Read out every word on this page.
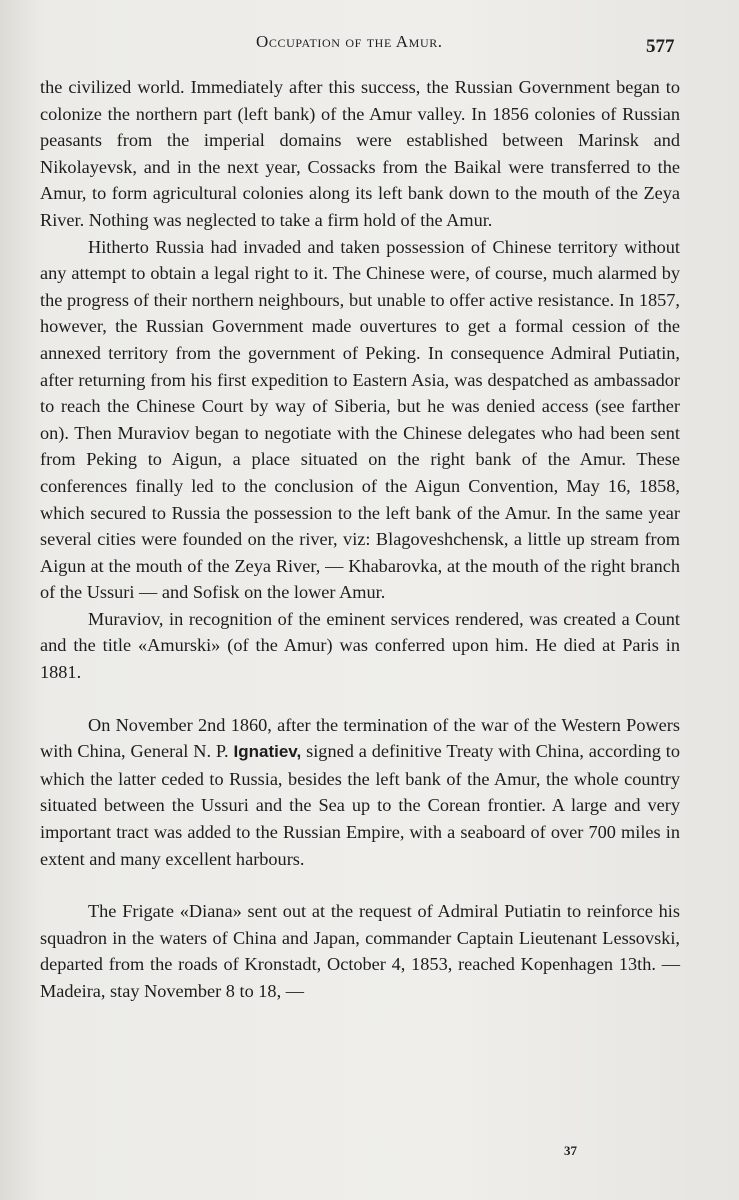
Occupation of the Amur.	577

the civilized world. Immediately after this success, the Russian Government began to colonize the northern part (left bank) of the Amur valley. In 1856 colonies of Russian peasants from the imperial domains were established between Marinsk and Nikolayevsk, and in the next year, Cossacks from the Baikal were transferred to the Amur, to form agricultural colonies along its left bank down to the mouth of the Zeya River. Nothing was neglected to take a firm hold of the Amur.

Hitherto Russia had invaded and taken possession of Chinese territory without any attempt to obtain a legal right to it. The Chinese were, of course, much alarmed by the progress of their northern neighbours, but unable to offer active resistance. In 1857, however, the Russian Government made ouvertures to get a formal cession of the annexed territory from the government of Peking. In consequence Admiral Putiatin, after returning from his first expedition to Eastern Asia, was despatched as ambassador to reach the Chinese Court by way of Siberia, but he was denied access (see farther on). Then Muraviov began to negotiate with the Chinese delegates who had been sent from Peking to Aigun, a place situated on the right bank of the Amur. These conferences finally led to the conclusion of the Aigun Convention, May 16, 1858, which secured to Russia the possession to the left bank of the Amur. In the same year several cities were founded on the river, viz: Blagoveshchensk, a little up stream from Aigun at the mouth of the Zeya River, — Khabarovka, at the mouth of the right branch of the Ussuri — and Sofisk on the lower Amur.

Muraviov, in recognition of the eminent services rendered, was created a Count and the title «Amurski» (of the Amur) was conferred upon him. He died at Paris in 1881.

On November 2nd 1860, after the termination of the war of the Western Powers with China, General N. P. Ignatiev, signed a definitive Treaty with China, according to which the latter ceded to Russia, besides the left bank of the Amur, the whole country situated between the Ussuri and the Sea up to the Corean frontier. A large and very important tract was added to the Russian Empire, with a seaboard of over 700 miles in extent and many excellent harbours.

The Frigate «Diana» sent out at the request of Admiral Putiatin to reinforce his squadron in the waters of China and Japan, commander Captain Lieutenant Lessovski, departed from the roads of Kronstadt, October 4, 1853, reached Kopenhagen 13th. — Madeira, stay November 8 to 18, —

37
